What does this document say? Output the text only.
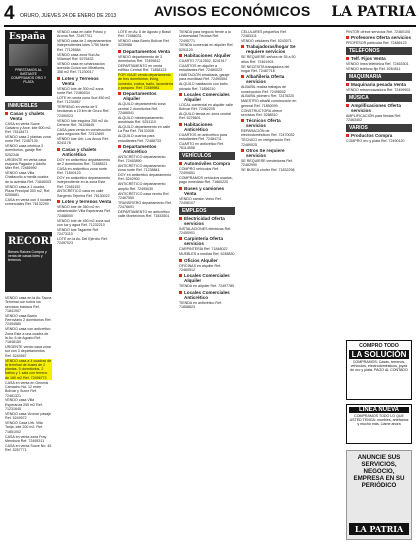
4 ORURO, JUEVES 24 DE ENERO DE 2013	AVISOS ECONÓMICOS LA PATRIA
España
PRESTAMOS AL INSTANTE COMPRAMOS ORO Y PLATA
INMUEBLES
Casas y chalets Venta

CASA en venta Sucre Galvarro y Arce, lote 600 m2. Ref. 76118471

VENDO casa 2 plantas zona norte Ref. 72487130

VENDO casa céntrica 3 dormitorios, garaje Ref. 5252346

URGENTE en venta casa esquina Pagador y Adolfo Mier Ref. 72465990

VENDO casa Villa Challacollo a media cuadra de la avenida Ref. 71846003

VENDO casa a 1 cuadra Plaza Principal 300 m2, Ref. 5255681

CASA en venta con 4 locales comerciales Ref. 76132290

RECORD
Bienes Raíces Compra y venta de casas lotes y terrenos

VENDO casa en la Av. Tacna Terminal con todos los servicios básicos Ref. 71841907

VENDO casa Barrio Ferroviario 2 dormitorios Ref. 72494580

VENDO casa con anticrético Zona Este a una cuadra de la Av. 6 de Agosto Ref. 71848150

URGENTE vendo casa zona sur con 3 departamentos Ref. 5244567

VENDO casa a 4 cuadras de la terminal de buses de 2 plantas, 5 dormitorios, 2 baños y 1 sala con terreno de 180 m2 Ref. 72496773

CASA en venta en General Camacho No. 12 entre Bolívar y Sucre Ref. 72481321

VENDO casa Villa Esperanza 250 m2 Ref. 71231645

VENDO casa 'Aroma' pasaje Ref. 5249972

VENDO Casa Urb. Villa Tarija, lote 200 m2. Ref. 71851002

CASA en venta zona Fray Mendoza Ref. 72495311

CASA en venta Sucre No. 45 Ref. 5257771

VENDO casa en calle Potosí y Aroma Ref. 72497701

VENDO casa de 2 departamentos independientes lotes 1750 Norte Ref. 77126584

VENDO casa zona Sud Av. Villarroel Ref. 5276432

VENDO casa en urbanización avenida Cívica con Miraflores, 356 m2 Ref. 71230017

Lotes y Terrenos Venta

VENDO lote de 300 m2 zona norte Ref. 72480034

LOTE en venta zona Sud 450 m2 Ref. 71234567

TERRENO en venta de 5 hectáreas a 10 km de Oruro Ref. 72490023

VENDO lote esquina 250 m2 Av. Dehene Ref. 76128845

CASA para venta en construcción para negocios Ref. 72312890

VENDO lote Urb. Los Arcos Ref. 5241178

Casas y chalets Anticrético

DOY en anticrético departamento de 2 dormitorios Ref. 72488521

CASA en anticrético zona norte Ref. 71840123

DOY en anticrético departamento independiente en la zona Este Ref. 72461152

ANTICRÉTICO casa en calle Sargento Tejerina Ref. 76130022

Lotes y terrenos Venta

VENDO lote de 360 m2 en urbanización Villa Esperanza Ref. 72488000

VENDO lote de 450 m2 zona sud con luz y agua Ref. 71232210

VENDO lote Tagarete Ref. 72473110

LOTE en la Av. Del Ejército Ref. 72497023

LOTE en Av. 6 de Agosto y Brasil Ref. 72486031

VENDO casa Barrio Bolívar Ref. 5239988

Departamentos Venta

VENDO departamento de 3 dormitorios Ref. 72499812

DEPARTAMENTO en venta edificio Central Ref. 71858123

POR VIAJE vendo departamento de tres dormitorios, living, comedor, cocina, baño, lavandería y parqueo. Ref. 72489981

Departamentos Alquiler

ALQUILO departamento zona central 2 dormitorios Ref. 72466541

ALQUILO minidepartamento amoblado Ref. 5251110

ALQUILO departamento en calle La Paz Ref. 76133308

ALQUILO cuartos para estudiantes Ref. 72488733

Departamentos Anticrético

ANTICRÉTICO departamento Ref. 72463890

ANTICRÉTICO departamento zona norte Ref. 71238841

DOY en anticrético departamento Ref. 5242900

ANTICRÉTICO departamento amplio Ref. 72495030

ANTICRÉTICO casa centro Ref. 72467550

TRANSFIERO departamento Ref. 72476691

DEPARTAMENTO en anticrético calle Montecinos Ref. 71833501

TIENDA para negocio frente a la Universidad Técnica Ref. 72495771

TIENDA comercial en alquiler Ref. 5251120

Habitaciones Alquiler

CUARTO 77112502, 5241917

CUARTOS en alquiler a estudiantes Ref. 72480023

HABITACIÓN amoblada, garaje para movilidad Ref. 72490554

ALQUILO habitación con baño privado Ref. 71856210

Locales Comerciales Alquiler

LOCAL comercial en alquiler calle Bolívar Ref. 72462205

ALQUILO tienda en zona central Ref. 5276601

Habitaciones Anticrético

CUARTOS en anticrético para estudiantes Ref. 72484711

CUARTO en anticrético Ref. 76114598

VEHÍCULOS
Automóviles Compra

COMPRO vehículos Ref. 72490651

COMPRAMOS vehículos usados, pago inmediato Ref. 71860220

Buses y camiones Venta

VENDO camión Volvo Ref. 72498107

EMPLEOS
Electricidad Oferta servicios

INSTALACIONES eléctricas Ref. 72450901

Carpintería Oferta servicios

CARPINTERÍA Ref. 71848022

MUEBLES a medida Ref. 5248830

Oficios Alquiler

OFICINAS en alquiler Ref. 72460512

Locales Comerciales Alquiler

TIENDA en alquiler Ref. 72497780

Locales Comerciales Anticrético

TIENDA en anticrético Ref. 71858823

CELULARES pequeños Ref. 72483311

VENDO celulares Ref. 5243071

Trabajadoras/hogar Se requiere servicios

SE REQUIERE señora de 35 a 50 años Ref. 72461903

SE NECESITA trabajadora del hogar Ref. 72487716

Albañilería Oferta servicios

ALBAÑIL realiza trabajos de construcción Ref. 72498002

ALBAÑIL plomero Ref. 72476220

MAESTRO albañil construcción en general Ref. 71850099

CONSTRUCTORA ofrece servicios Ref. 5268510

Técnicos Oferta servicios

REPARACIÓN de electrodomésticos Ref. 72470032

TÉCNICO en refrigeración Ref. 72489025

Otros Se requiere servicios

SE REQUIERE vendedoras Ref. 72462990

SE BUSCA chofer Ref. 71832298

PINTOR ofrece servicios Ref. 72460105

Profesores Oferta servicios

PROFESOR particular Ref. 72486123

TELÉFONOS
Telf. Fijos Venta

VENDO línea telefónica Ref. 72463301

VENDO teléfono fijo Ref. 5264511

MAQUINARIA
Maquinaria pesada Venta

VENDO retroexcavadora Ref. 72499903

MÚSICA
Amplificaciones Oferta servicios

AMPLIFICACIÓN para fiestas Ref. 72463402

VARIOS
Productos Compra

COMPRO oro y plata Ref. 72490120

COMPRO TODO
LA SOLUCIÓN
COMPRAMOS: Casas, terrenos, vehículos, electrodomésticos, joyas de oro y plata. PAGO AL CONTADO
LINEA NUEVA
COMPRAMOS TODO LO QUE USTED TENGA: muebles, artefactos y mucho más. Llame ahora
ANUNCIE SUS SERVICIOS, NEGOCIO, EMPRESA EN SU PERIÓDICO
LA PATRIA
